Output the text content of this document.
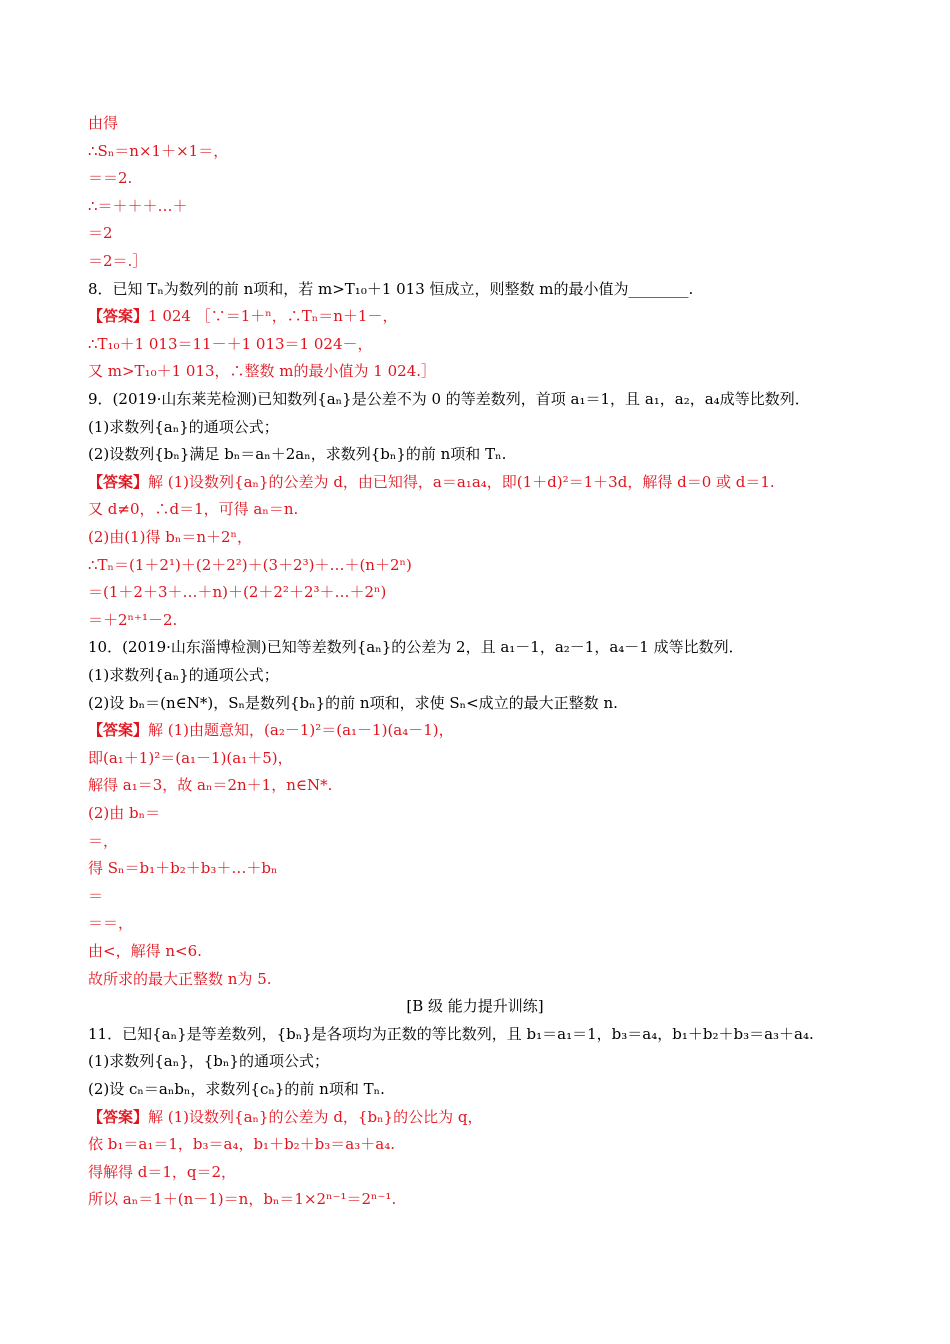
由得
∴Sₙ＝n×1＋×1＝，
＝＝2.
∴＝＋＋＋…＋
＝2
＝2＝.］
8．已知 Tₙ为数列的前 n项和，若 m>T₁₀＋1 013 恒成立，则整数 m的最小值为________.
【答案】1 024 ［∵＝1＋ⁿ，∴Tₙ＝n＋1－，
∴T₁₀＋1 013＝11－＋1 013＝1 024－，
又 m>T₁₀＋1 013，∴整数 m的最小值为 1 024.］
9．(2019·山东莱芜检测)已知数列{aₙ}是公差不为 0 的等差数列，首项 a₁＝1，且 a₁，a₂，a₄成等比数列．
(1)求数列{aₙ}的通项公式；
(2)设数列{bₙ}满足 bₙ＝aₙ＋2aₙ，求数列{bₙ}的前 n项和 Tₙ.
【答案】解 (1)设数列{aₙ}的公差为 d，由已知得，a＝a₁a₄，即(1＋d)²＝1＋3d，解得 d＝0 或 d＝1.
又 d≠0，∴d＝1，可得 aₙ＝n.
(2)由(1)得 bₙ＝n＋2ⁿ，
∴Tₙ＝(1＋2¹)＋(2＋2²)＋(3＋2³)＋…＋(n＋2ⁿ)
＝(1＋2＋3＋…＋n)＋(2＋2²＋2³＋…＋2ⁿ)
＝＋2ⁿ⁺¹－2.
10．(2019·山东淄博检测)已知等差数列{aₙ}的公差为 2，且 a₁－1，a₂－1，a₄－1 成等比数列．
(1)求数列{aₙ}的通项公式；
(2)设 bₙ＝(n∈N*)，Sₙ是数列{bₙ}的前 n项和，求使 Sₙ<成立的最大正整数 n.
【答案】解 (1)由题意知，(a₂－1)²＝(a₁－1)(a₄－1)，
即(a₁＋1)²＝(a₁－1)(a₁＋5)，
解得 a₁＝3，故 aₙ＝2n＋1，n∈N*.
(2)由 bₙ＝
＝，
得 Sₙ＝b₁＋b₂＋b₃＋…＋bₙ
＝
＝＝，
由<，解得 n<6.
故所求的最大正整数 n为 5.
[B 级 能力提升训练]
11．已知{aₙ}是等差数列，{bₙ}是各项均为正数的等比数列，且 b₁＝a₁＝1，b₃＝a₄，b₁＋b₂＋b₃＝a₃＋a₄.
(1)求数列{aₙ}，{bₙ}的通项公式；
(2)设 cₙ＝aₙbₙ，求数列{cₙ}的前 n项和 Tₙ.
【答案】解 (1)设数列{aₙ}的公差为 d，{bₙ}的公比为 q，
依 b₁＝a₁＝1，b₃＝a₄，b₁＋b₂＋b₃＝a₃＋a₄.
得解得 d＝1，q＝2，
所以 aₙ＝1＋(n－1)＝n，bₙ＝1×2ⁿ⁻¹＝2ⁿ⁻¹.
